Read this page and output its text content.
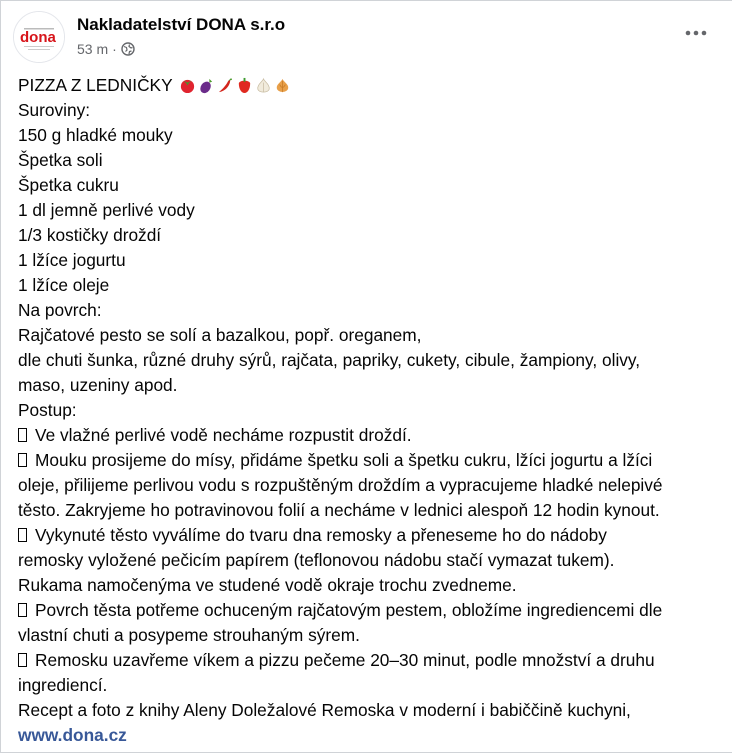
dona
Nakladatelství DONA s.r.o
53 m ·
PIZZA Z LEDNIČKY
Suroviny:
150 g hladké mouky
Špetka soli
Špetka cukru
1 dl jemně perlivé vody
1/3 kostičky droždí
1 lžíce jogurtu
1 lžíce oleje
Na povrch:
Rajčatové pesto se solí a bazalkou, popř. oreganem,
dle chuti šunka, různé druhy sýrů, rajčata, papriky, cukety, cibule, žampiony, olivy,
maso, uzeniny apod.
Postup:
Ve vlažné perlivé vodě necháme rozpustit droždí.
Mouku prosijeme do mísy, přidáme špetku soli a špetku cukru, lžíci jogurtu a lžíci
oleje, přilijeme perlivou vodu s rozpuštěným droždím a vypracujeme hladké nelepivé
těsto. Zakryjeme ho potravinovou folií a necháme v lednici alespoň 12 hodin kynout.
Vykynuté těsto vyválíme do tvaru dna remosky a přeneseme ho do nádoby
remosky vyložené pečicím papírem (teflonovou nádobu stačí vymazat tukem).
Rukama namočenýma ve studené vodě okraje trochu zvedneme.
Povrch těsta potřeme ochuceným rajčatovým pestem, obložíme ingrediencemi dle
vlastní chuti a posypeme strouhaným sýrem.
Remosku uzavřeme víkem a pizzu pečeme 20–30 minut, podle množství a druhu
ingrediencí.
Recept a foto z knihy Aleny Doležalové Remoska v moderní i babiččině kuchyni,
www.dona.cz
